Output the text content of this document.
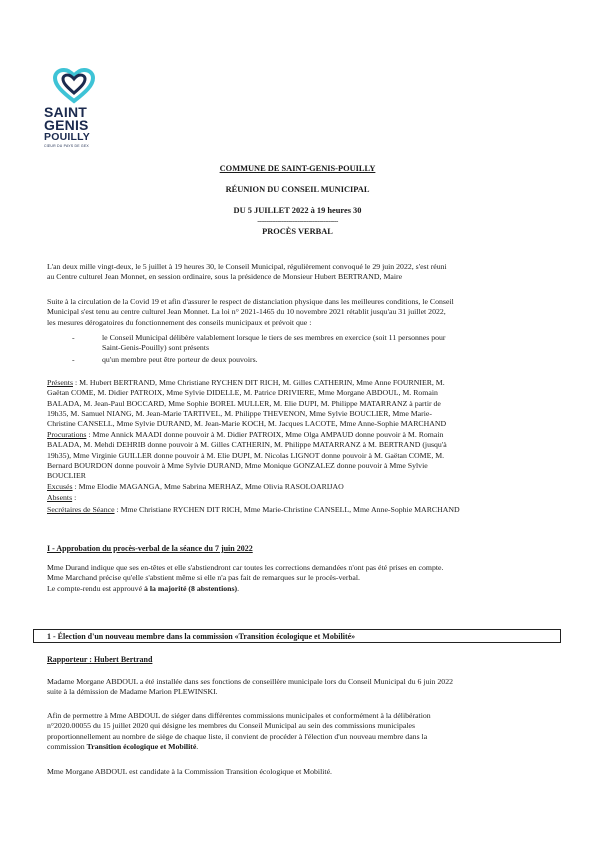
SAINT
GENIS
POUILLY
CŒUR DU PAYS DE GEX
COMMUNE DE SAINT-GENIS-POUILLY
RÉUNION DU CONSEIL MUNICIPAL
DU 5 JUILLET 2022 à 19 heures 30
--------------------------------------------
PROCÈS VERBAL
L'an deux mille vingt-deux, le 5 juillet à 19 heures 30, le Conseil Municipal, régulièrement convoqué le 29 juin 2022, s'est réuni
au Centre culturel Jean Monnet, en session ordinaire, sous la présidence de Monsieur Hubert BERTRAND, Maire
Suite à la circulation de la Covid 19 et afin d'assurer le respect de distanciation physique dans les meilleures conditions, le Conseil
Municipal s'est tenu au centre culturel Jean Monnet. La loi n° 2021-1465 du 10 novembre 2021 rétablit jusqu'au 31 juillet 2022,
les mesures dérogatoires du fonctionnement des conseils municipaux et prévoit que :
-	le Conseil Municipal délibère valablement lorsque le tiers de ses membres en exercice (soit 11 personnes pour
Saint-Genis-Pouilly) sont présents
-	qu'un membre peut être porteur de deux pouvoirs.
Présents : M. Hubert BERTRAND, Mme Christiane RYCHEN DIT RICH, M. Gilles CATHERIN, Mme Anne FOURNIER, M.
Gaëtan COME, M. Didier PATROIX, Mme Sylvie DIDELLE, M. Patrice DRIVIERE, Mme Morgane ABDOUL, M. Romain
BALADA, M. Jean-Paul BOCCARD, Mme Sophie BOREL MULLER, M. Elie DUPI, M. Philippe MATARRANZ à partir de
19h35, M. Samuel NIANG, M. Jean-Marie TARTIVEL, M. Philippe THEVENON, Mme Sylvie BOUCLIER, Mme Marie-
Christine CANSELL, Mme Sylvie DURAND, M. Jean-Marie KOCH, M. Jacques LACOTE, Mme Anne-Sophie MARCHAND
Procurations : Mme Annick MAADI donne pouvoir à M. Didier PATROIX, Mme Olga AMPAUD donne pouvoir à M. Romain
BALADA, M. Mehdi DEHRIB donne pouvoir à M. Gilles CATHERIN, M. Philippe MATARRANZ à M. BERTRAND (jusqu'à
19h35), Mme Virginie GUILLER donne pouvoir à M. Elie DUPI, M. Nicolas LIGNOT donne pouvoir à M. Gaëtan COME, M.
Bernard BOURDON donne pouvoir à Mme Sylvie DURAND, Mme Monique GONZALEZ donne pouvoir à Mme Sylvie
BOUCLIER
Excusés : Mme Elodie MAGANGA, Mme Sabrina MERHAZ, Mme Olivia RASOLOARIJAO
Absents :
Secrétaires de Séance : Mme Christiane RYCHEN DIT RICH, Mme Marie-Christine CANSELL, Mme Anne-Sophie MARCHAND
I - Approbation du procès-verbal de la séance du 7 juin 2022
Mme Durand indique que ses en-têtes et elle s'abstiendront car toutes les corrections demandées n'ont pas été prises en compte.
Mme Marchand précise qu'elle s'abstient même si elle n'a pas fait de remarques sur le procès-verbal.
Le compte-rendu est approuvé à la majorité (8 abstentions).
1 - Élection d'un nouveau membre dans la commission «Transition écologique et Mobilité»
Rapporteur : Hubert Bertrand
Madame Morgane ABDOUL a été installée dans ses fonctions de conseillère municipale lors du Conseil Municipal du 6 juin 2022
suite à la démission de Madame Marion PLEWINSKI.
Afin de permettre à Mme ABDOUL de siéger dans différentes commissions municipales et conformément à la délibération
n°2020.00055 du 15 juillet 2020 qui désigne les membres du Conseil Municipal au sein des commissions municipales
proportionnellement au nombre de siège de chaque liste, il convient de procéder à l'élection d'un nouveau membre dans la
commission Transition écologique et Mobilité.
Mme Morgane ABDOUL est candidate à la Commission Transition écologique et Mobilité.
